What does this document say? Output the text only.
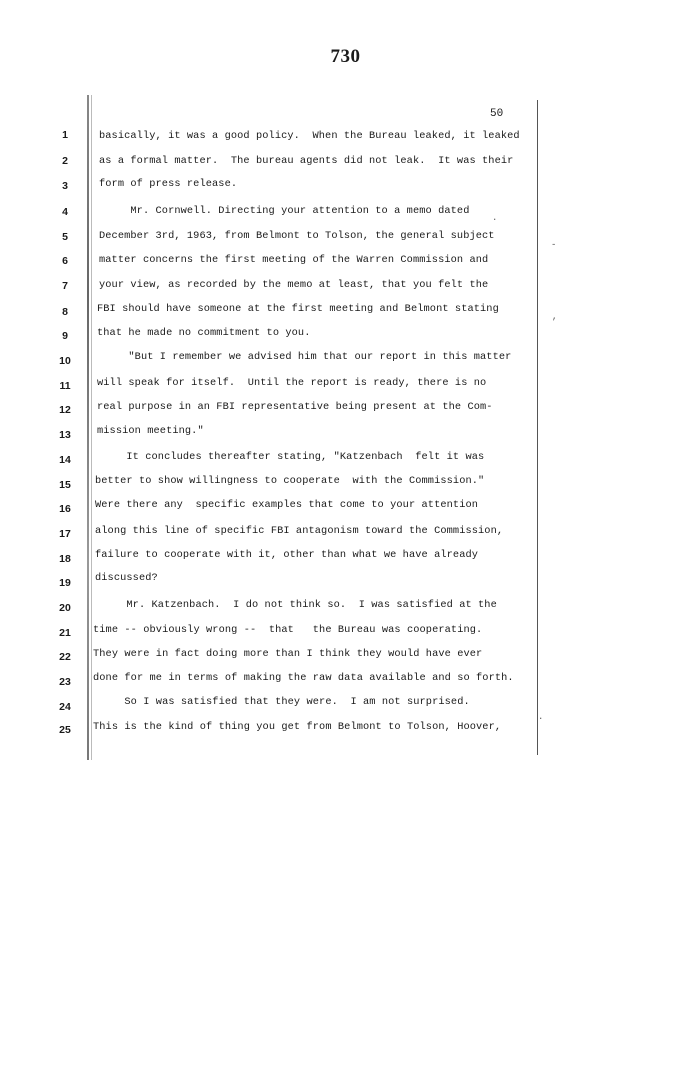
730
50
1	basically, it was a good policy.  When the Bureau leaked, it leaked
2	as a formal matter.  The bureau agents did not leak.  It was their
3	form of press release.
4	Mr. Cornwell. Directing your attention to a memo dated
5	December 3rd, 1963, from Belmont to Tolson, the general subject
6	matter concerns the first meeting of the Warren Commission and
7	your view, as recorded by the memo at least, that you felt the
8	FBI should have someone at the first meeting and Belmont stating
9	that he made no commitment to you.
10	"But I remember we advised him that our report in this matter
11	will speak for itself.  Until the report is ready, there is no
12	real purpose in an FBI representative being present at the Com-
13	mission meeting."
14	It concludes thereafter stating, "Katzenbach  felt it was
15	better to show willingness to cooperate  with the Commission."
16	Were there any  specific examples that come to your attention
17	along this line of specific FBI antagonism toward the Commission,
18	failure to cooperate with it, other than what we have already
19	discussed?
20	Mr. Katzenbach.  I do not think so.  I was satisfied at the
21	time -- obviously wrong --  that   the Bureau was cooperating.
22	They were in fact doing more than I think they would have ever
23	done for me in terms of making the raw data available and so forth.
24	So I was satisfied that they were.  I am not surprised.
25	This is the kind of thing you get from Belmont to Tolson, Hoover,
.
-
,
·
